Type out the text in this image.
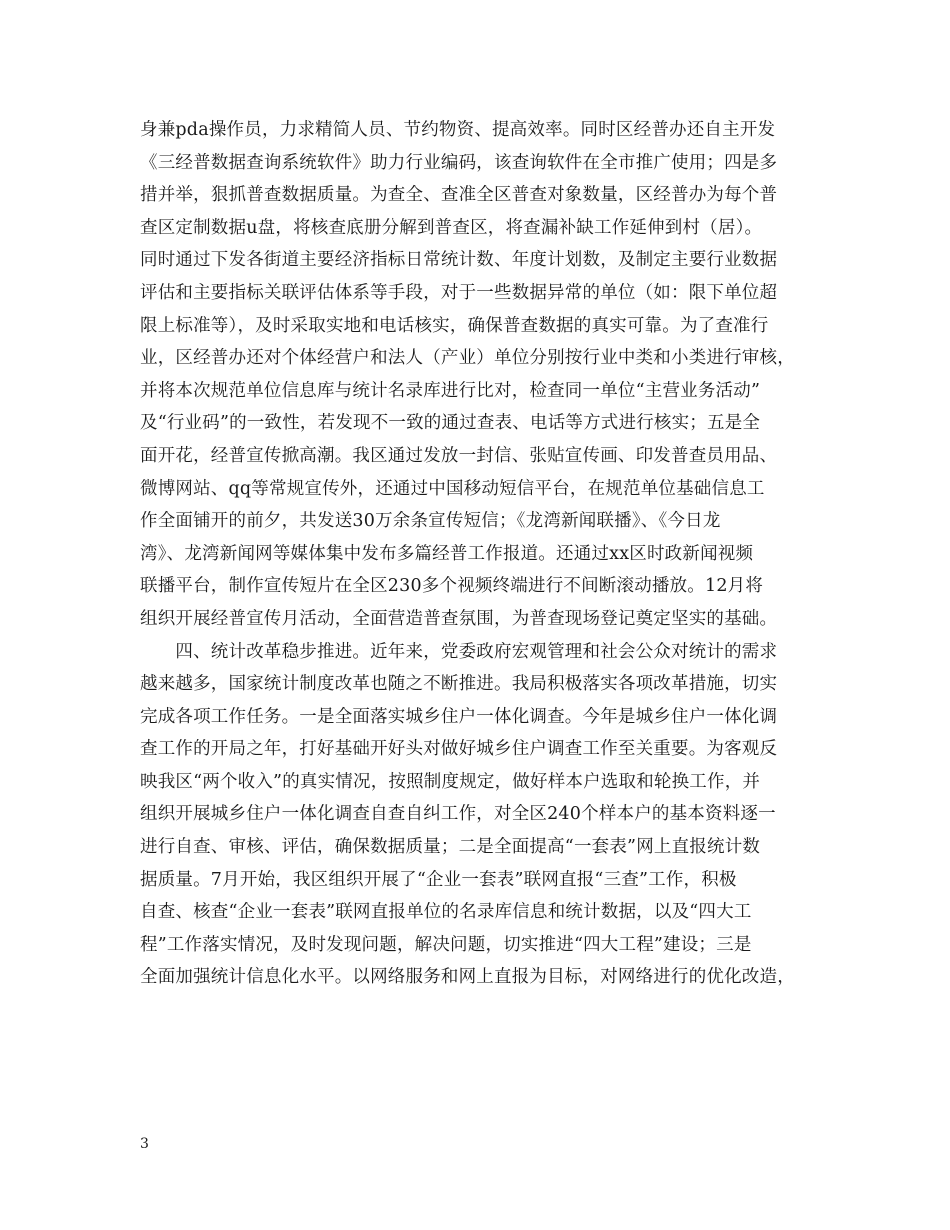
身兼pda操作员，力求精简人员、节约物资、提高效率。同时区经普办还自主开发
《三经普数据查询系统软件》助力行业编码，该查询软件在全市推广使用；四是多
措并举，狠抓普查数据质量。为查全、查准全区普查对象数量，区经普办为每个普
查区定制数据u盘，将核查底册分解到普查区，将查漏补缺工作延伸到村（居）。
同时通过下发各街道主要经济指标日常统计数、年度计划数，及制定主要行业数据
评估和主要指标关联评估体系等手段，对于一些数据异常的单位（如：限下单位超
限上标准等），及时采取实地和电话核实，确保普查数据的真实可靠。为了查准行
业，区经普办还对个体经营户和法人（产业）单位分别按行业中类和小类进行审核，
并将本次规范单位信息库与统计名录库进行比对，检查同一单位“主营业务活动”
及“行业码”的一致性，若发现不一致的通过查表、电话等方式进行核实；五是全
面开花，经普宣传掀高潮。我区通过发放一封信、张贴宣传画、印发普查员用品、
微博网站、qq等常规宣传外，还通过中国移动短信平台，在规范单位基础信息工
作全面铺开的前夕，共发送30万余条宣传短信；《龙湾新闻联播》、《今日龙
湾》、龙湾新闻网等媒体集中发布多篇经普工作报道。还通过xx区时政新闻视频
联播平台，制作宣传短片在全区230多个视频终端进行不间断滚动播放。12月将
组织开展经普宣传月活动，全面营造普查氛围，为普查现场登记奠定坚实的基础。
　　四、统计改革稳步推进。近年来，党委政府宏观管理和社会公众对统计的需求
越来越多，国家统计制度改革也随之不断推进。我局积极落实各项改革措施，切实
完成各项工作任务。一是全面落实城乡住户一体化调查。今年是城乡住户一体化调
查工作的开局之年，打好基础开好头对做好城乡住户调查工作至关重要。为客观反
映我区“两个收入”的真实情况，按照制度规定，做好样本户选取和轮换工作，并
组织开展城乡住户一体化调查自查自纠工作，对全区240个样本户的基本资料逐一
进行自查、审核、评估，确保数据质量；二是全面提高“一套表”网上直报统计数
据质量。7月开始，我区组织开展了“企业一套表”联网直报“三查”工作，积极
自查、核查“企业一套表”联网直报单位的名录库信息和统计数据，以及“四大工
程”工作落实情况，及时发现问题，解决问题，切实推进“四大工程”建设；三是
全面加强统计信息化水平。以网络服务和网上直报为目标，对网络进行的优化改造，
3
